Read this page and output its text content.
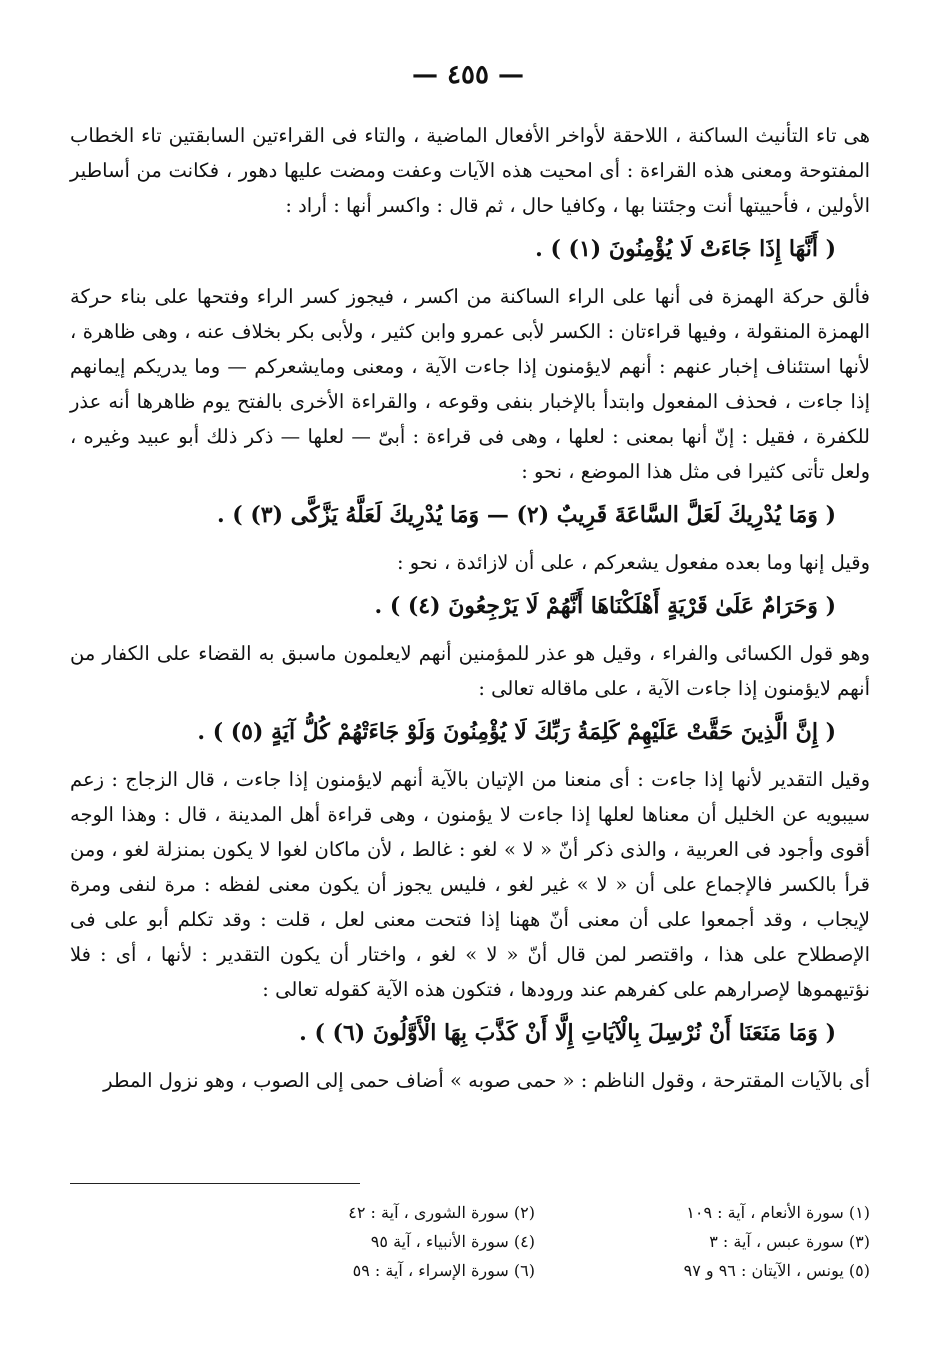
— ٤٥٥ —

هى تاء التأنيث الساكنة ، اللاحقة لأواخر الأفعال الماضية ، والتاء فى القراءتين السابقتين تاء الخطاب المفتوحة ومعنى هذه القراءة : أى امحيت هذه الآيات وعفت ومضت عليها دهور ، فكانت من أساطير الأولين ، فأحييتها أنت وجئتنا بها ، وكافيا حال ، ثم قال : واكسر أنها : أراد :

( أَنَّهَا إِذَا جَاءَتْ لَا يُؤْمِنُونَ (١) ) .

فألق حركة الهمزة فى أنها على الراء الساكنة من اكسر ، فيجوز كسر الراء وفتحها على بناء حركة الهمزة المنقولة ، وفيها قراءتان : الكسر لأبى عمرو وابن كثير ، ولأبى بكر بخلاف عنه ، وهى ظاهرة ، لأنها استئناف إخبار عنهم : أنهم لايؤمنون إذا جاءت الآية ، ومعنى ومايشعركم — وما يدريكم إيمانهم إذا جاءت ، فحذف المفعول وابتدأ بالإخبار بنفى وقوعه ، والقراءة الأخرى بالفتح يوم ظاهرها أنه عذر للكفرة ، فقيل : إنّ أنها بمعنى : لعلها ، وهى فى قراءة : أبىّ — لعلها — ذكر ذلك أبو عبيد وغيره ، ولعل تأتى كثيرا فى مثل هذا الموضع ، نحو :

( وَمَا يُدْرِيكَ لَعَلَّ السَّاعَةَ قَرِيبٌ (٢) — وَمَا يُدْرِيكَ لَعَلَّهُ يَزَّكَّى (٣) ) .

وقيل إنها وما بعده مفعول يشعركم ، على أن لازائدة ، نحو :

( وَحَرَامٌ عَلَىٰ قَرْيَةٍ أَهْلَكْنَاهَا أَنَّهُمْ لَا يَرْجِعُونَ (٤) ) .

وهو قول الكسائى والفراء ، وقيل هو عذر للمؤمنين أنهم لايعلمون ماسبق به القضاء على الكفار من أنهم لايؤمنون إذا جاءت الآية ، على ماقاله تعالى :

( إِنَّ الَّذِينَ حَقَّتْ عَلَيْهِمْ كَلِمَةُ رَبِّكَ لَا يُؤْمِنُونَ وَلَوْ جَاءَتْهُمْ كُلُّ آيَةٍ (٥) ) .

وقيل التقدير لأنها إذا جاءت : أى منعنا من الإتيان بالآية أنهم لايؤمنون إذا جاءت ، قال الزجاج : زعم سيبويه عن الخليل أن معناها لعلها إذا جاءت لا يؤمنون ، وهى قراءة أهل المدينة ، قال : وهذا الوجه أقوى وأجود فى العربية ، والذى ذكر أنّ « لا » لغو : غالط ، لأن ماكان لغوا لا يكون بمنزلة لغو ، ومن قرأ بالكسر فالإجماع على أن « لا » غير لغو ، فليس يجوز أن يكون معنى لفظه : مرة لنفى ومرة لإيجاب ، وقد أجمعوا على أن معنى أنّ ههنا إذا فتحت معنى لعل ، قلت : وقد تكلم أبو على فى الإصطلاح على هذا ، واقتصر لمن قال أنّ « لا » لغو ، واختار أن يكون التقدير : لأنها ، أى : فلا نؤتيهموها لإصرارهم على كفرهم عند ورودها ، فتكون هذه الآية كقوله تعالى :

( وَمَا مَنَعَنَا أَنْ نُرْسِلَ بِالْآيَاتِ إِلَّا أَنْ كَذَّبَ بِهَا الْأَوَّلُونَ (٦) ) .

أى بالآيات المقترحة ، وقول الناظم : « حمى صوبه » أضاف حمى إلى الصوب ، وهو نزول المطر

(١) سورة الأنعام ، آية : ١٠٩
(٢) سورة الشورى ، آية : ٤٢
(٣) سورة عبس ، آية : ٣
(٤) سورة الأنبياء ، آية ٩٥
(٥) يونس ، الآيتان : ٩٦ و ٩٧
(٦) سورة الإسراء ، آية : ٥٩
